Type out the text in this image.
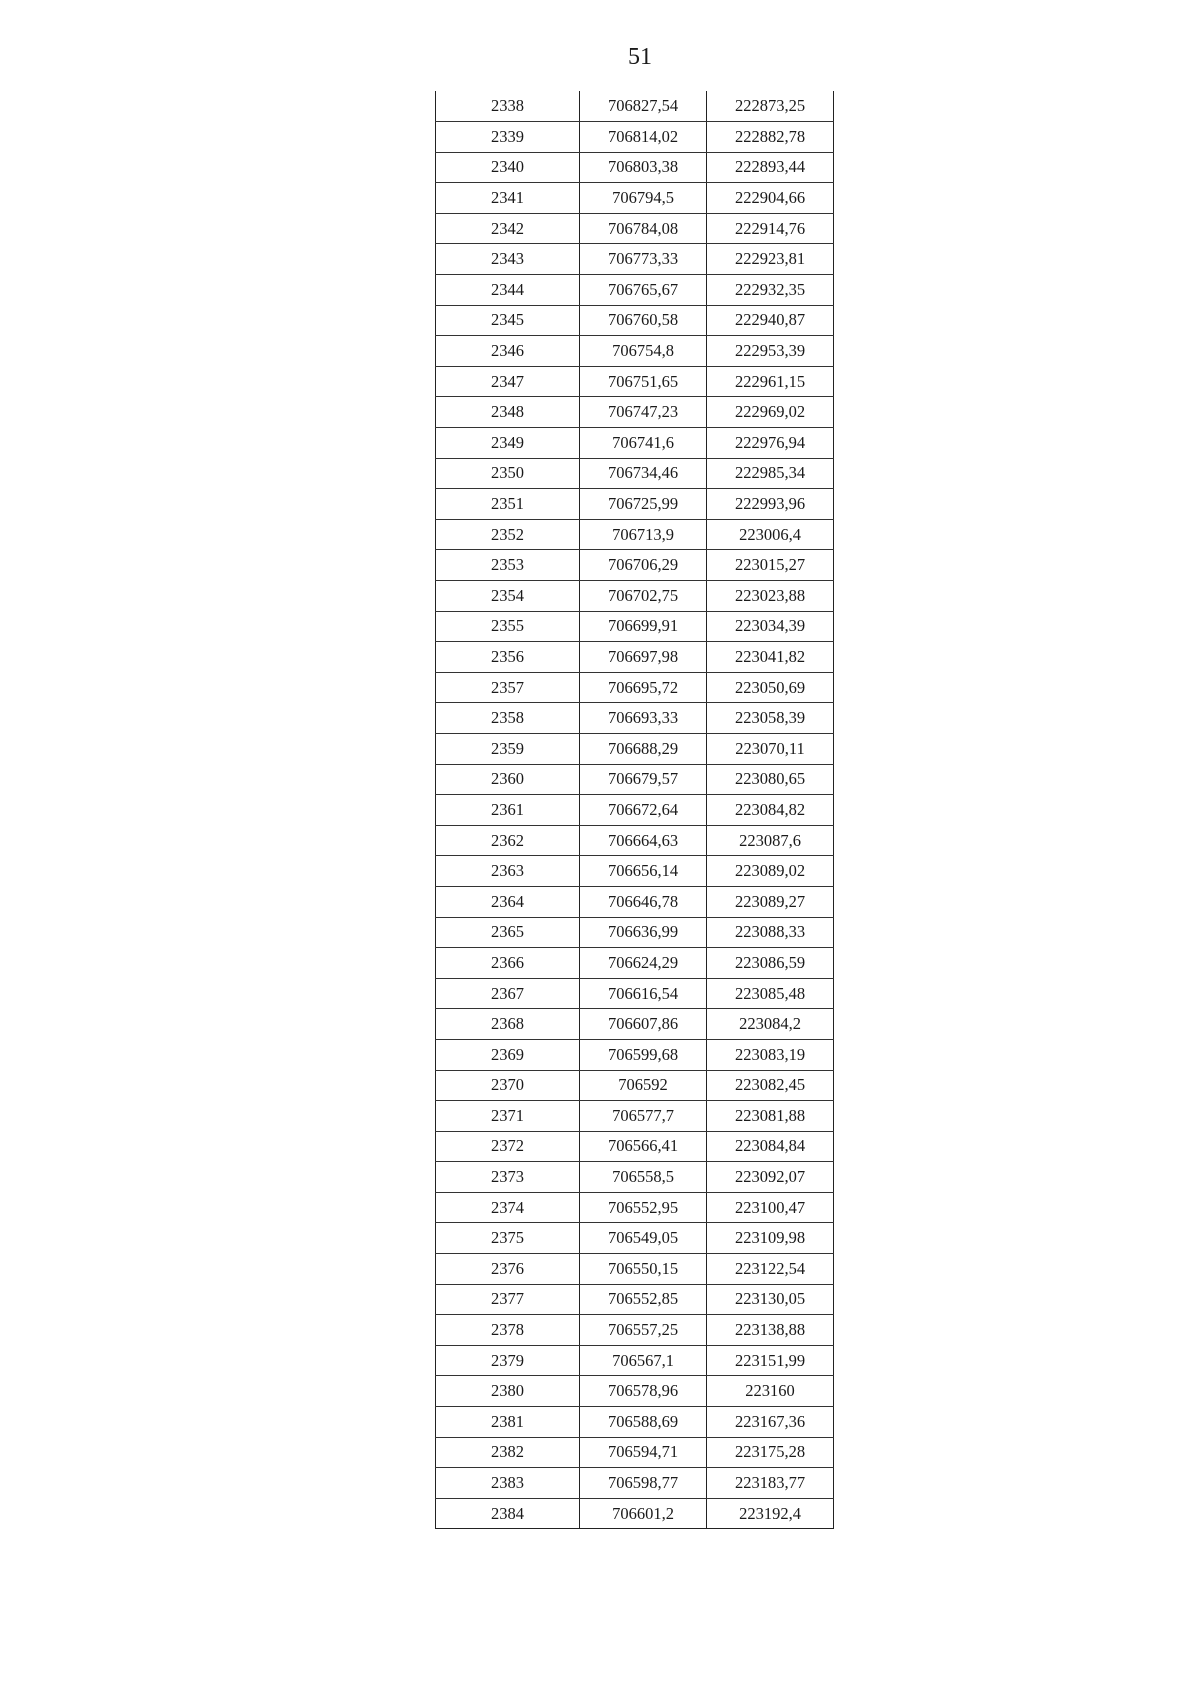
51
2338	706827,54	222873,25
2339	706814,02	222882,78
2340	706803,38	222893,44
2341	706794,5	222904,66
2342	706784,08	222914,76
2343	706773,33	222923,81
2344	706765,67	222932,35
2345	706760,58	222940,87
2346	706754,8	222953,39
2347	706751,65	222961,15
2348	706747,23	222969,02
2349	706741,6	222976,94
2350	706734,46	222985,34
2351	706725,99	222993,96
2352	706713,9	223006,4
2353	706706,29	223015,27
2354	706702,75	223023,88
2355	706699,91	223034,39
2356	706697,98	223041,82
2357	706695,72	223050,69
2358	706693,33	223058,39
2359	706688,29	223070,11
2360	706679,57	223080,65
2361	706672,64	223084,82
2362	706664,63	223087,6
2363	706656,14	223089,02
2364	706646,78	223089,27
2365	706636,99	223088,33
2366	706624,29	223086,59
2367	706616,54	223085,48
2368	706607,86	223084,2
2369	706599,68	223083,19
2370	706592	223082,45
2371	706577,7	223081,88
2372	706566,41	223084,84
2373	706558,5	223092,07
2374	706552,95	223100,47
2375	706549,05	223109,98
2376	706550,15	223122,54
2377	706552,85	223130,05
2378	706557,25	223138,88
2379	706567,1	223151,99
2380	706578,96	223160
2381	706588,69	223167,36
2382	706594,71	223175,28
2383	706598,77	223183,77
2384	706601,2	223192,4
